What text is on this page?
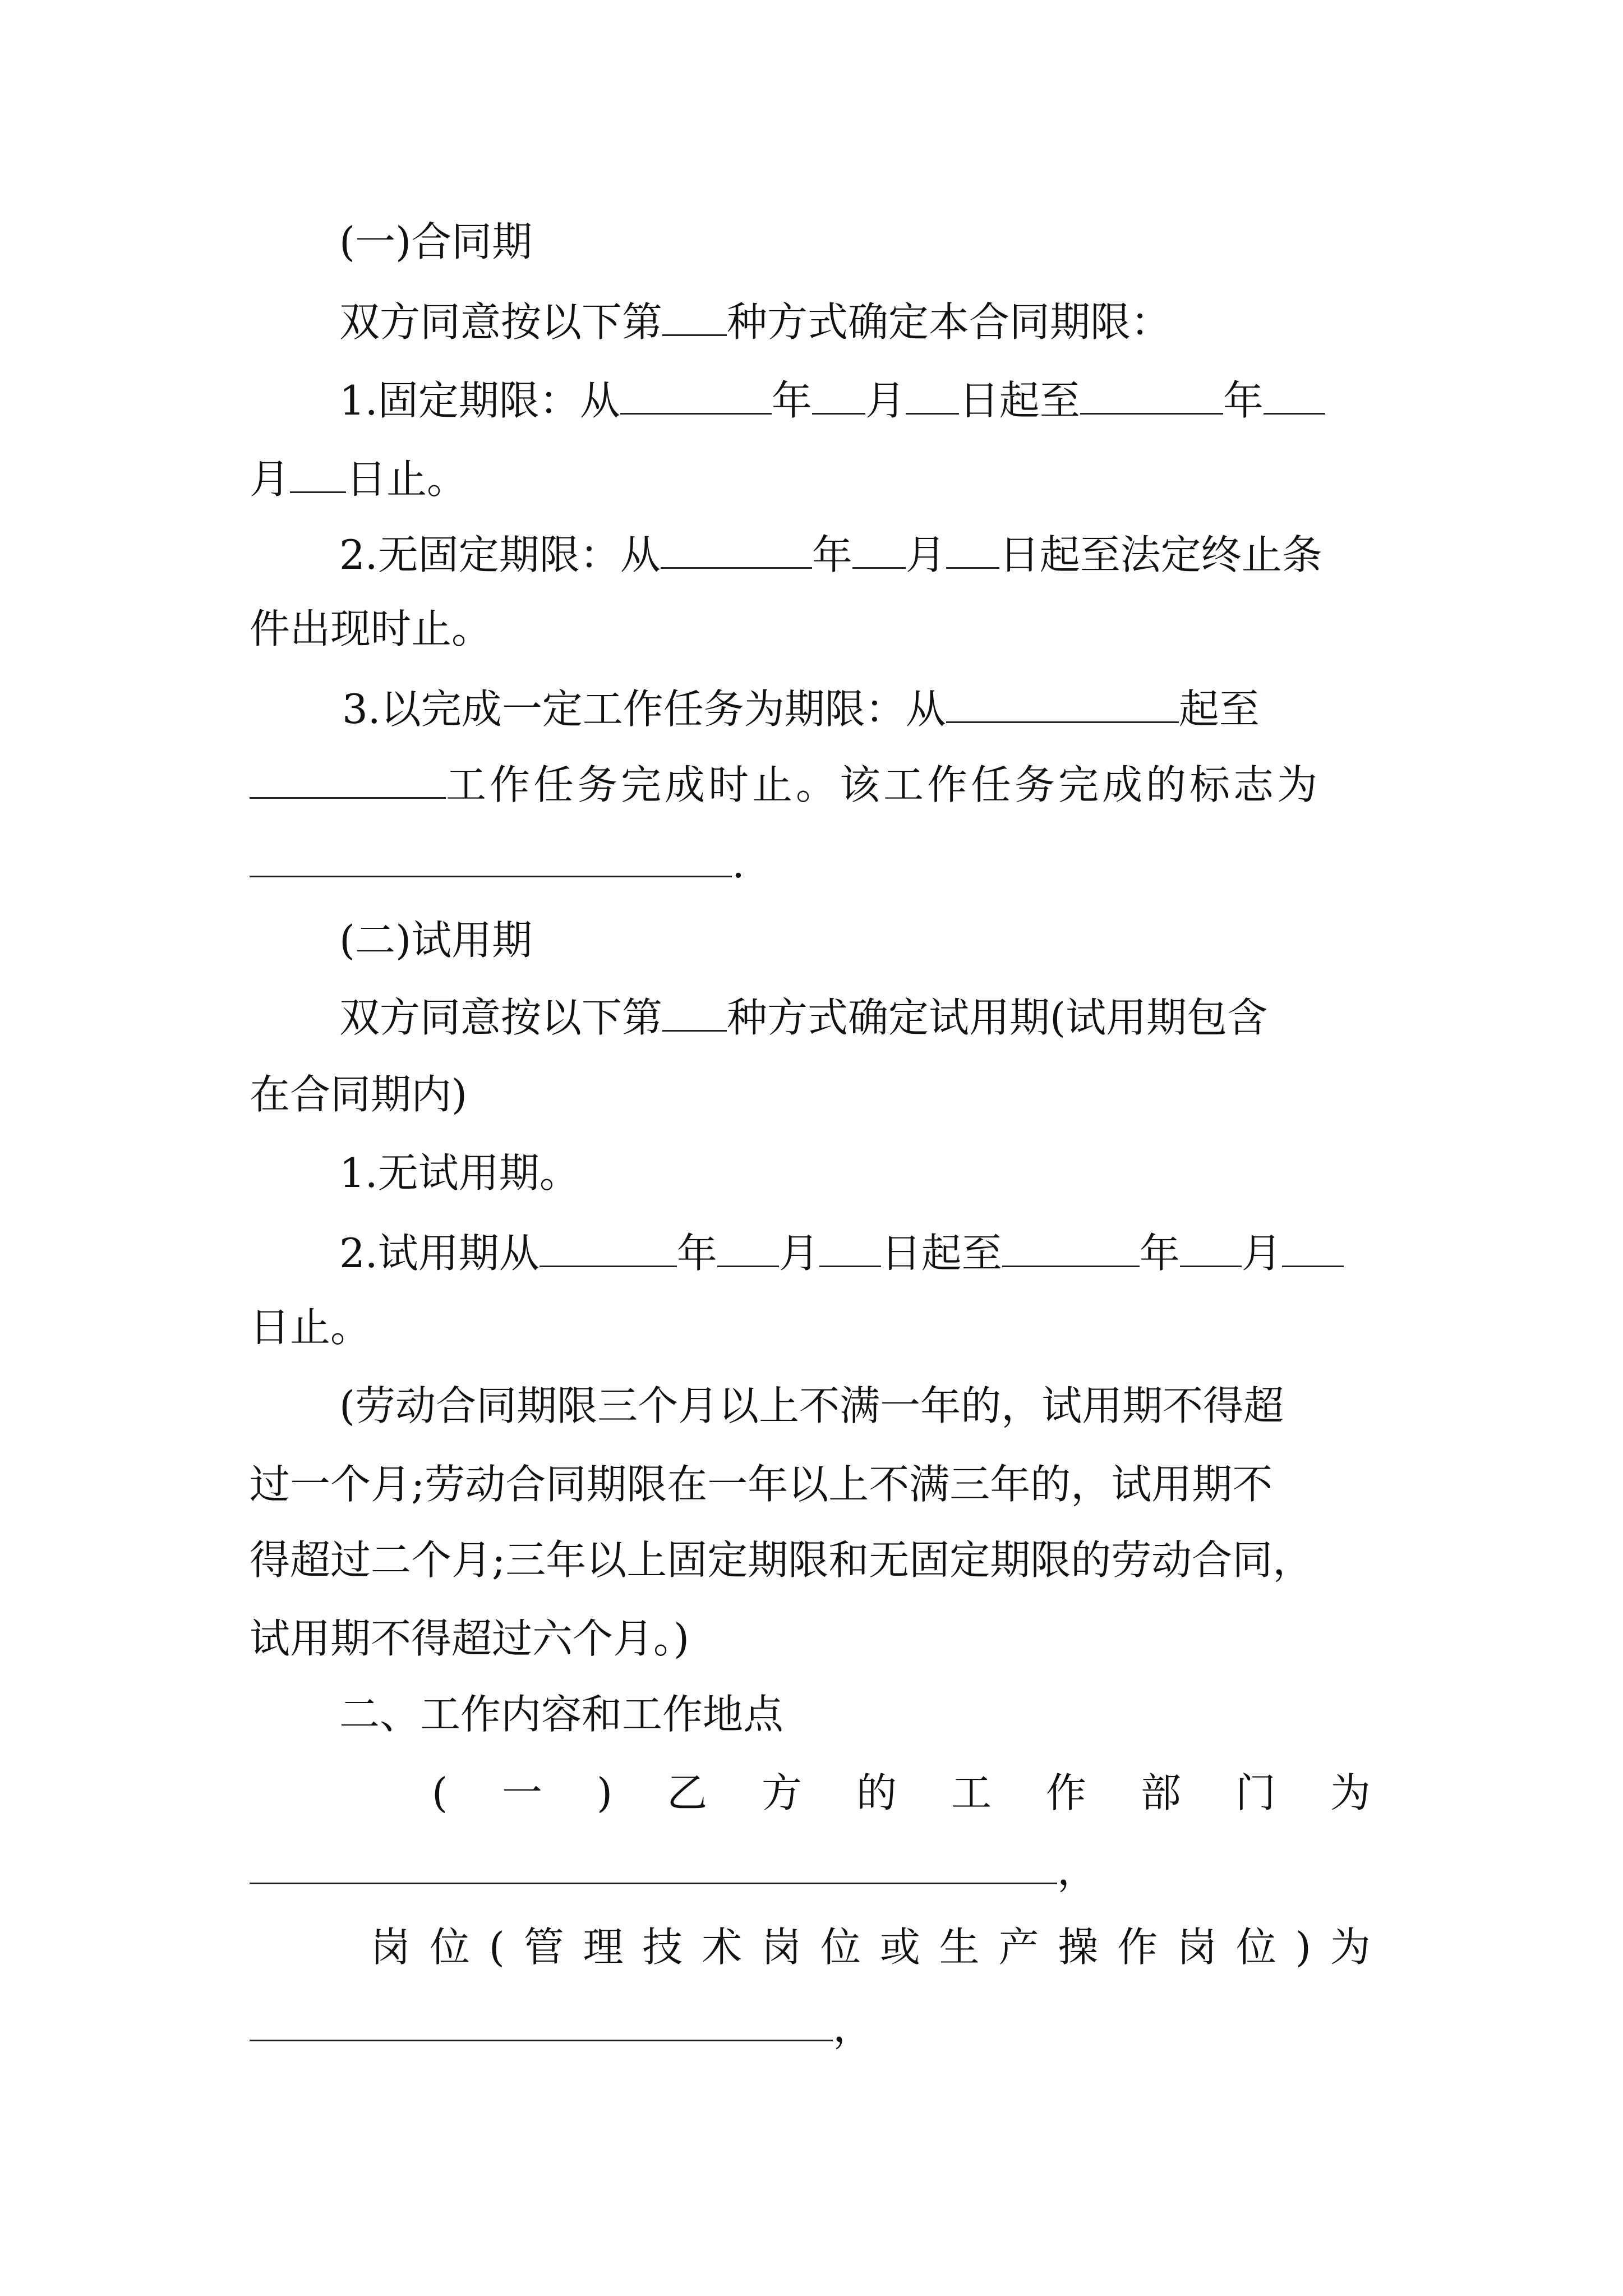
(一)合同期
双方同意按以下第 种方式确定本合同期限：
1.固定期限：从	年 月 日起至	年
月 日止。
2.无固定期限：从	年 月 日起至法定终止条
件出现时止。
3.以完成一定工作任务为期限：从	起至
工作任务完成时止。该工作任务完成的标志为
.
(二)试用期
双方同意按以下第 种方式确定试用期(试用期包含
在合同期内)
1.无试用期。
2.试用期从	年 月 日起至	年 月
日止。
(劳动合同期限三个月以上不满一年的，试用期不得超
过一个月;劳动合同期限在一年以上不满三年的，试用期不
得超过二个月;三年以上固定期限和无固定期限的劳动合同，
试用期不得超过六个月。)
二、工作内容和工作地点
( 一 ) 乙 方 的 工 作 部 门 为
，
岗 位 ( 管 理 技 术 岗 位 或 生 产 操 作 岗 位 ) 为
，
